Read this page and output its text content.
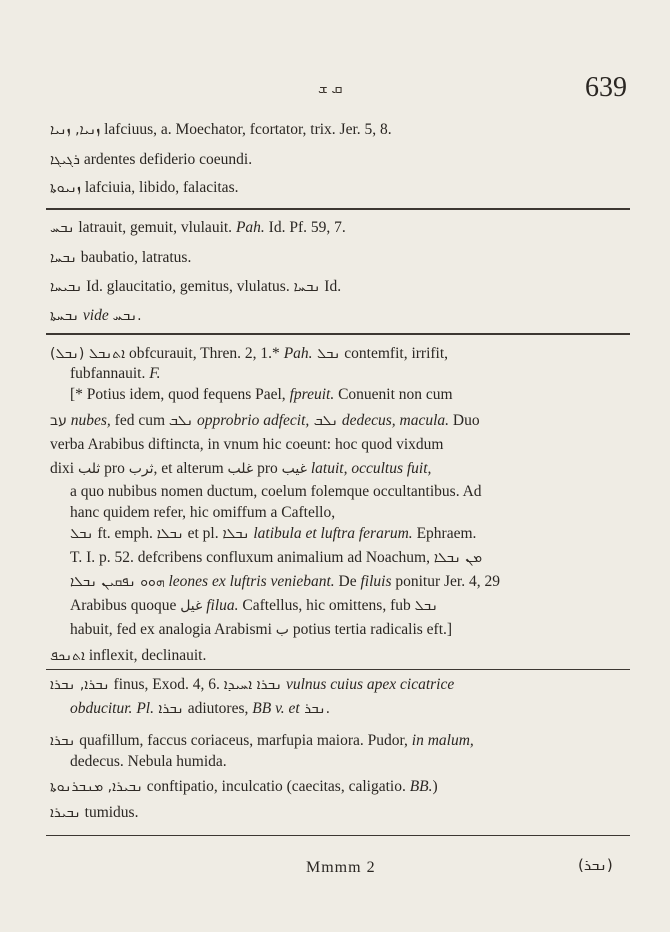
ܩ ܫ	639
ܙܢܝܐ, ܙܢܝܐ lafciuus, a. Moechator, fcortator, trix. Jer. 5, 8.
ܪܓܝܓܐ ardentes defiderio coeundi.
ܙܢܝܘܬܐ lafciuia, libido, falacitas.
ܢܒܚ latrauit, gemuit, vlulauit. Pah. Id. Pf. 59, 7.
ܢܒܚܐ baubatio, latratus.
ܢܒܝܚܐ Id. glaucitatio, gemitus, vlulatus. ܢܒܚܐ Id.
ܢܒܚܬܐ vide ܢܒܚ.
(ܢܒܠ) ܐܬܢܒܠ obfcurauit, Thren. 2, 1.* Pah. ܢܒܠ contemfit, irrifit,
fubfannauit. F.
[* Potius idem, quod fequens Pael, fpreuit. Conuenit non cum
עב nubes, fed cum ܢܠܒ opprobrio adfecit, ܢܠܒ dedecus, macula. Duo
verba Arabibus diftincta, in vnum hic coeunt: hoc quod vixdum
dixi ثلب pro ثرب, et alterum غلب pro غيب latuit, occultus fuit,
a quo nubibus nomen ductum, coelum folemque occultantibus. Ad
hanc quidem refer, hic omiffum a Caftello,
ܢܒܠ ft. emph. ܢܒܠܐ et pl. ܢܒܠܐ latibula et luftra ferarum. Ephraem.
T. I. p. 52. defcribens confluxum animalium ad Noachum, ܡܢ ܢܒܠܐ
ܗܘܘ ܢܦܩܝܢ ܢܒܠܐ leones ex luftris veniebant. De filuis ponitur Jer. 4, 29
Arabibus quoque غيل filua. Caftellus, hic omittens, fub ܢܒܠ
habuit, fed ex analogia Arabismi ب potius tertia radicalis eft.]
ܐܬܢܟܦ inflexit, declinauit.
ܢܒܪܐ, ܢܒܪܐ finus, Exod. 4, 6. ܢܒܪܐ ܐܚܝܕܐ vulnus cuius apex cicatrice
obducitur. Pl. ܢܒܪܐ adiutores, BB v. et ܢܒܪ.
ܢܒܪܐ quafillum, faccus coriaceus, marfupia maiora. Pudor, in malum,
dedecus. Nebula humida.
ܢܒܝܪܐ, ܡܢܒܪܢܘܬܐ conftipatio, inculcatio (caecitas, caligatio. BB.)
ܢܒܝܪܐ tumidus.
Mmmm 2	(ܢܒܪ)
